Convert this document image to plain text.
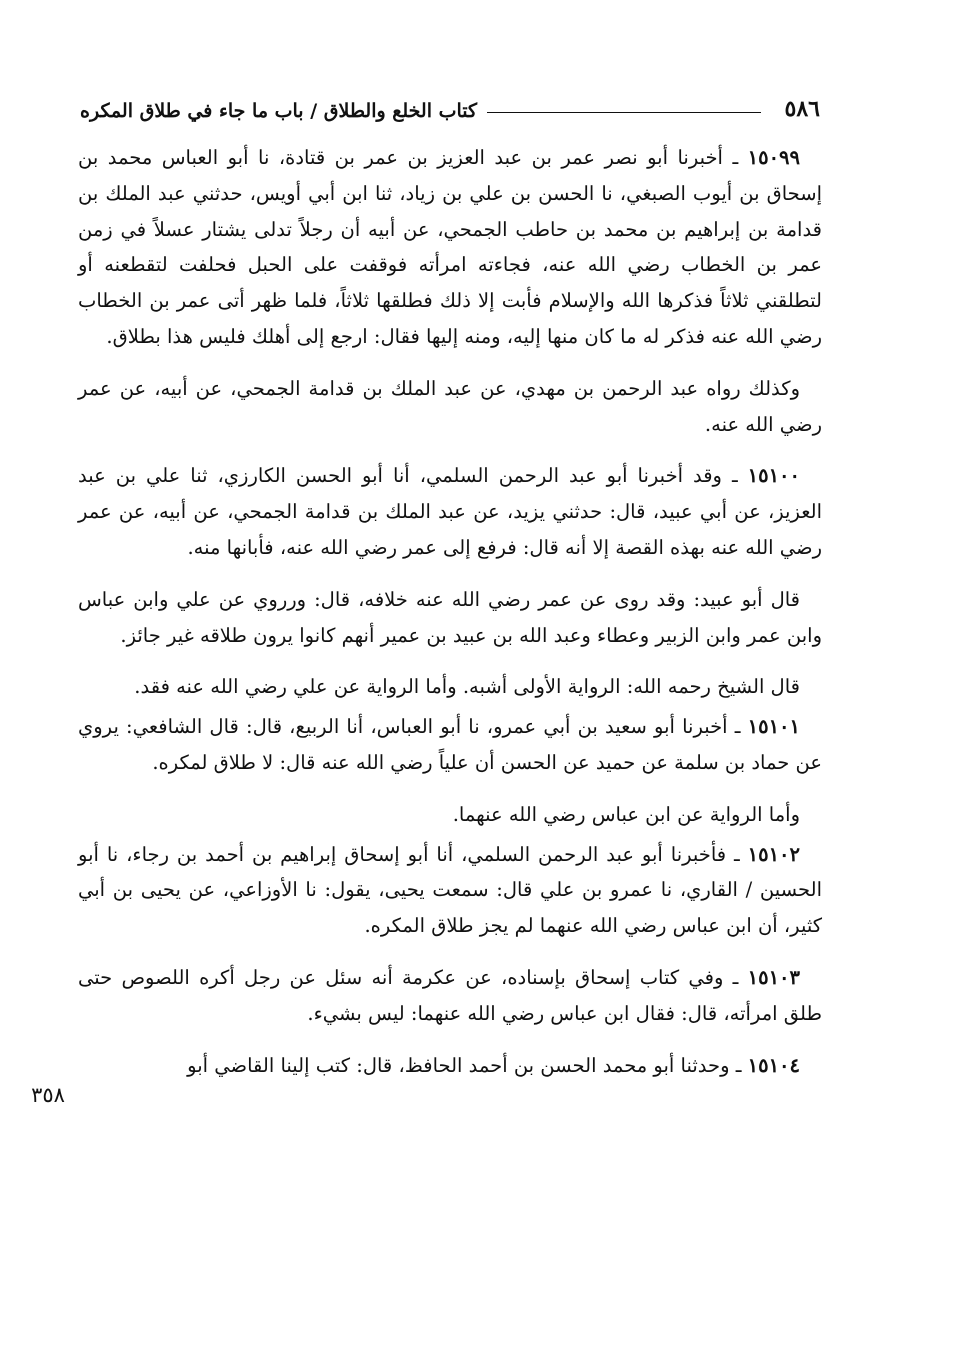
٥٨٦
كتاب الخلع والطلاق / باب ما جاء في طلاق المكره
٣٥٨

١٥٠٩٩ ـ أخبرنا أبو نصر عمر بن عبد العزيز بن عمر بن قتادة، نا أبو العباس محمد بن إسحاق بن أيوب الصبغي، نا الحسن بن علي بن زياد، ثنا ابن أبي أويس، حدثني عبد الملك بن قدامة بن إبراهيم بن محمد بن حاطب الجمحي، عن أبيه أن رجلاً تدلى يشتار عسلاً في زمن عمر بن الخطاب رضي الله عنه، فجاءته امرأته فوقفت على الحبل فحلفت لتقطعنه أو لتطلقني ثلاثاً فذكرها الله والإسلام فأبت إلا ذلك فطلقها ثلاثاً، فلما ظهر أتى عمر بن الخطاب رضي الله عنه فذكر له ما كان منها إليه، ومنه إليها فقال: ارجع إلى أهلك فليس هذا بطلاق.

وكذلك رواه عبد الرحمن بن مهدي، عن عبد الملك بن قدامة الجمحي، عن أبيه، عن عمر رضي الله عنه.

١٥١٠٠ ـ وقد أخبرنا أبو عبد الرحمن السلمي، أنا أبو الحسن الكارزي، ثنا علي بن عبد العزيز، عن أبي عبيد، قال: حدثني يزيد، عن عبد الملك بن قدامة الجمحي، عن أبيه، عن عمر رضي الله عنه بهذه القصة إلا أنه قال: فرفع إلى عمر رضي الله عنه، فأبانها منه.

قال أبو عبيد: وقد روى عن عمر رضي الله عنه خلافه، قال: ورروي عن علي وابن عباس وابن عمر وابن الزبير وعطاء وعبد الله بن عبيد بن عمير أنهم كانوا يرون طلاقه غير جائز.

قال الشيخ رحمه الله: الرواية الأولى أشبه. وأما الرواية عن علي رضي الله عنه فقد.

١٥١٠١ ـ أخبرنا أبو سعيد بن أبي عمرو، نا أبو العباس، أنا الربيع، قال: قال الشافعي: يروي عن حماد بن سلمة عن حميد عن الحسن أن علياً رضي الله عنه قال: لا طلاق لمكره.

وأما الرواية عن ابن عباس رضي الله عنهما.

١٥١٠٢ ـ فأخبرنا أبو عبد الرحمن السلمي، أنا أبو إسحاق إبراهيم بن أحمد بن رجاء، نا أبو الحسين / القاري، نا عمرو بن علي قال: سمعت يحيى، يقول: نا الأوزاعي، عن يحيى بن أبي كثير، أن ابن عباس رضي الله عنهما لم يجز طلاق المكره.

١٥١٠٣ ـ وفي كتاب إسحاق بإسناده، عن عكرمة أنه سئل عن رجل أكره اللصوص حتى طلق امرأته، قال: فقال ابن عباس رضي الله عنهما: ليس بشيء.

١٥١٠٤ ـ وحدثنا أبو محمد الحسن بن أحمد الحافظ، قال: كتب إلينا القاضي أبو
